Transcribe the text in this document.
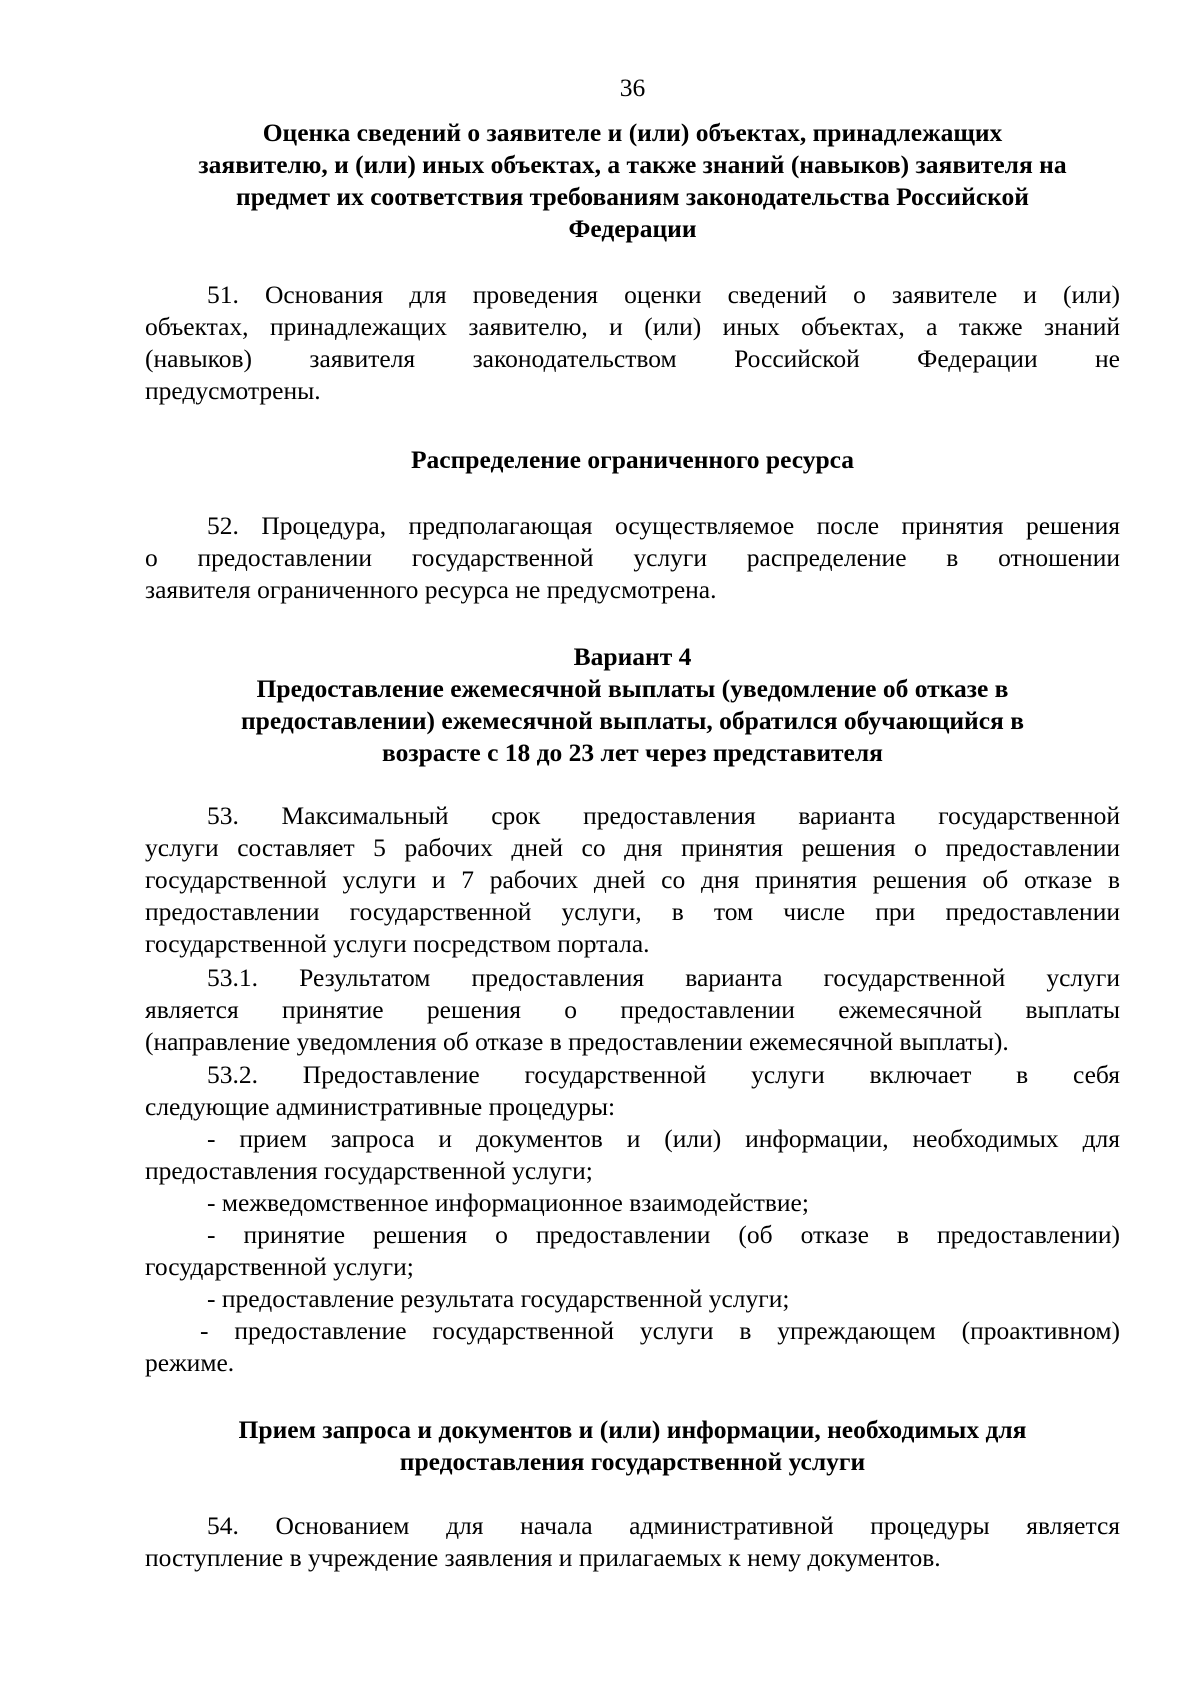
36
Оценка сведений о заявителе и (или) объектах, принадлежащих
заявителю, и (или) иных объектах, а также знаний (навыков) заявителя на
предмет их соответствия требованиям законодательства Российской
Федерации
51. Основания для проведения оценки сведений о заявителе и (или)
объектах, принадлежащих заявителю, и (или) иных объектах, а также знаний
(навыков) заявителя законодательством Российской Федерации не
предусмотрены.
Распределение ограниченного ресурса
52. Процедура, предполагающая осуществляемое после принятия решения
о предоставлении государственной услуги распределение в отношении
заявителя ограниченного ресурса не предусмотрена.
Вариант 4
Предоставление ежемесячной выплаты (уведомление об отказе в
предоставлении) ежемесячной выплаты, обратился обучающийся в
возрасте с 18 до 23 лет через представителя
53. Максимальный срок предоставления варианта государственной
услуги составляет 5 рабочих дней со дня принятия решения о предоставлении
государственной услуги и 7 рабочих дней со дня принятия решения об отказе в
предоставлении государственной услуги, в том числе при предоставлении
государственной услуги посредством портала.
53.1. Результатом предоставления варианта государственной услуги
является принятие решения о предоставлении ежемесячной выплаты
(направление уведомления об отказе в предоставлении ежемесячной выплаты).
53.2. Предоставление государственной услуги включает в себя
следующие административные процедуры:
- прием запроса и документов и (или) информации, необходимых для
предоставления государственной услуги;
- межведомственное информационное взаимодействие;
- принятие решения о предоставлении (об отказе в предоставлении)
государственной услуги;
- предоставление результата государственной услуги;
- предоставление государственной услуги в упреждающем (проактивном)
режиме.
Прием запроса и документов и (или) информации, необходимых для
предоставления государственной услуги
54. Основанием для начала административной процедуры является
поступление в учреждение заявления и прилагаемых к нему документов.
